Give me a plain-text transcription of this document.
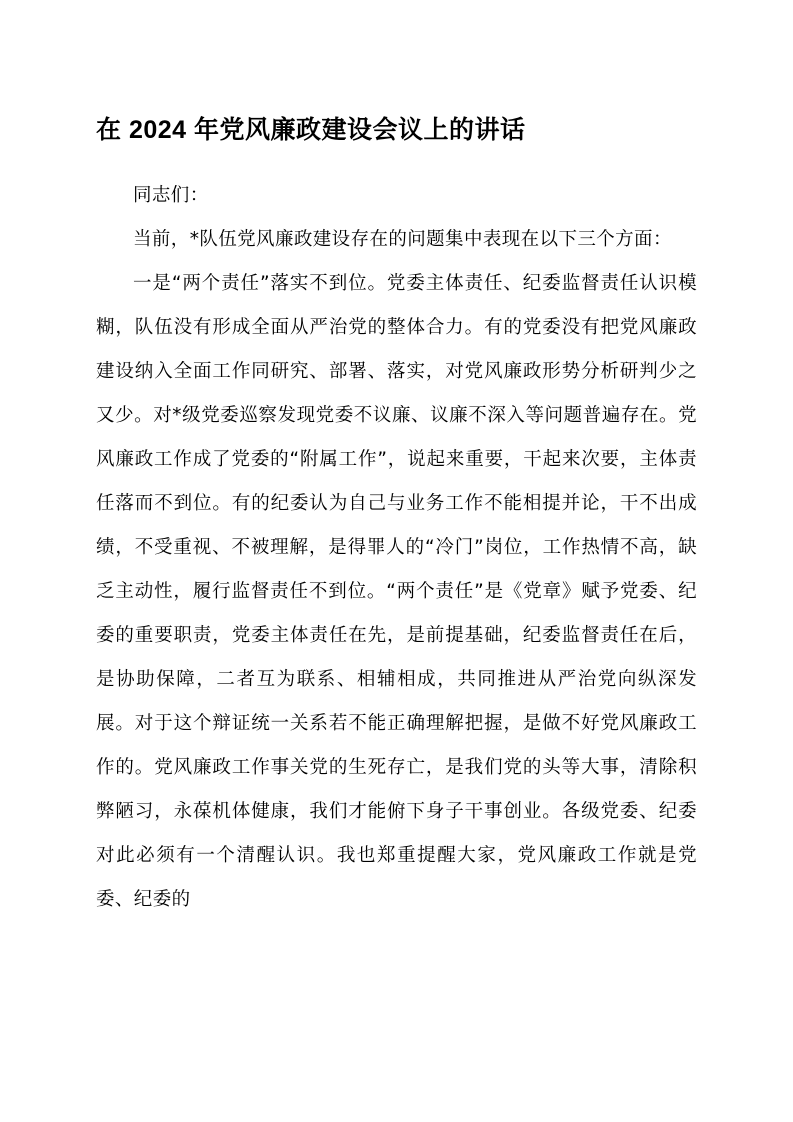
在 2024 年党风廉政建设会议上的讲话

同志们：

当前，*队伍党风廉政建设存在的问题集中表现在以下三个方面：

一是“两个责任”落实不到位。党委主体责任、纪委监督责任认识模糊，队伍没有形成全面从严治党的整体合力。有的党委没有把党风廉政建设纳入全面工作同研究、部署、落实，对党风廉政形势分析研判少之又少。对*级党委巡察发现党委不议廉、议廉不深入等问题普遍存在。党风廉政工作成了党委的“附属工作”，说起来重要，干起来次要，主体责任落而不到位。有的纪委认为自己与业务工作不能相提并论，干不出成绩，不受重视、不被理解，是得罪人的“冷门”岗位，工作热情不高，缺乏主动性，履行监督责任不到位。“两个责任”是《党章》赋予党委、纪委的重要职责，党委主体责任在先，是前提基础，纪委监督责任在后，是协助保障，二者互为联系、相辅相成，共同推进从严治党向纵深发展。对于这个辩证统一关系若不能正确理解把握，是做不好党风廉政工作的。党风廉政工作事关党的生死存亡，是我们党的头等大事，清除积弊陋习，永葆机体健康，我们才能俯下身子干事创业。各级党委、纪委对此必须有一个清醒认识。我也郑重提醒大家，党风廉政工作就是党委、纪委的
